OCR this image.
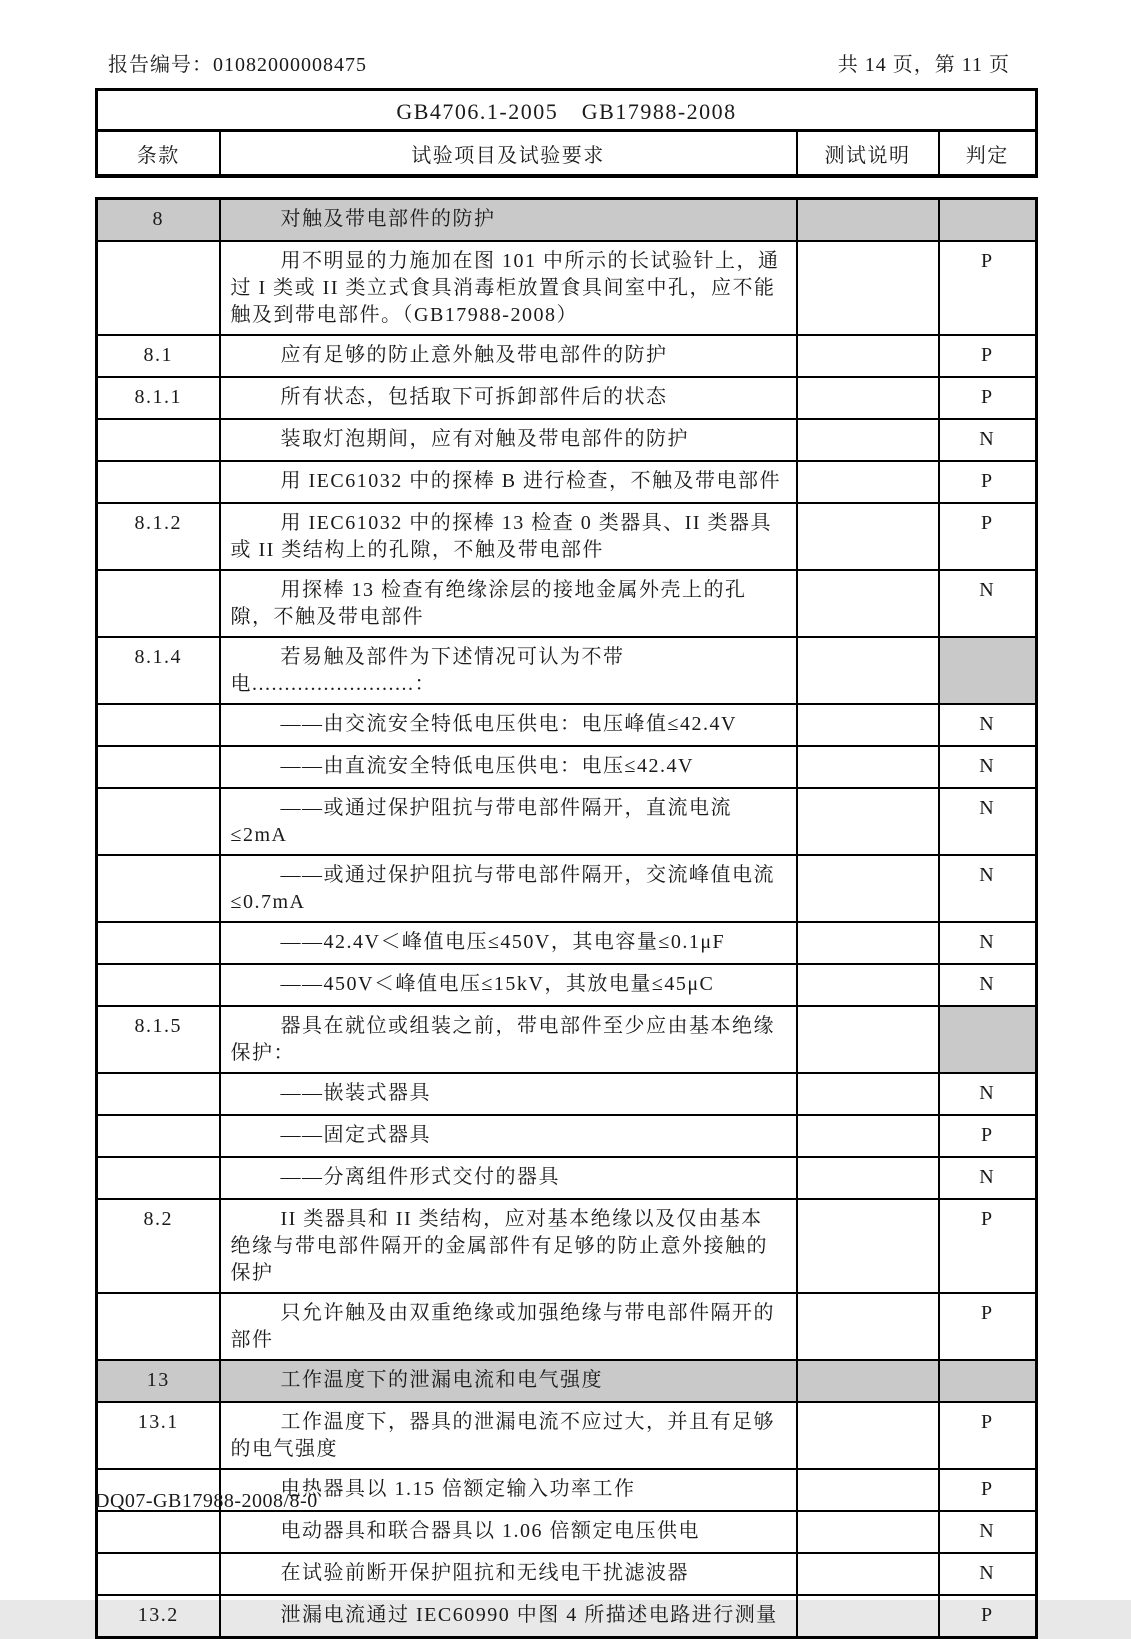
报告编号：01082000008475	共 14 页，第 11 页
GB4706.1-2005　GB17988-2008
条款	试验项目及试验要求	测试说明	判定
8	对触及带电部件的防护		
	用不明显的力施加在图 101 中所示的长试验针上，通过 I 类或 II 类立式食具消毒柜放置食具间室中孔，应不能触及到带电部件。（GB17988-2008）		P
8.1	应有足够的防止意外触及带电部件的防护		P
8.1.1	所有状态，包括取下可拆卸部件后的状态		P
	装取灯泡期间，应有对触及带电部件的防护		N
	用 IEC61032 中的探棒 B 进行检查，不触及带电部件		P
8.1.2	用 IEC61032 中的探棒 13 检查 0 类器具、II 类器具或 II 类结构上的孔隙，不触及带电部件		P
	用探棒 13 检查有绝缘涂层的接地金属外壳上的孔隙，不触及带电部件		N
8.1.4	若易触及部件为下述情况可认为不带电.........................：		
	——由交流安全特低电压供电：电压峰值≤42.4V		N
	——由直流安全特低电压供电：电压≤42.4V		N
	——或通过保护阻抗与带电部件隔开，直流电流≤2mA		N
	——或通过保护阻抗与带电部件隔开，交流峰值电流≤0.7mA		N
	——42.4V＜峰值电压≤450V，其电容量≤0.1μF		N
	——450V＜峰值电压≤15kV，其放电量≤45μC		N
8.1.5	器具在就位或组装之前，带电部件至少应由基本绝缘保护：		
	——嵌装式器具		N
	——固定式器具		P
	——分离组件形式交付的器具		N
8.2	II 类器具和 II 类结构，应对基本绝缘以及仅由基本绝缘与带电部件隔开的金属部件有足够的防止意外接触的保护		P
	只允许触及由双重绝缘或加强绝缘与带电部件隔开的部件		P
13	工作温度下的泄漏电流和电气强度		
13.1	工作温度下，器具的泄漏电流不应过大，并且有足够的电气强度		P
	电热器具以 1.15 倍额定输入功率工作		P
	电动器具和联合器具以 1.06 倍额定电压供电		N
	在试验前断开保护阻抗和无线电干扰滤波器		N
13.2	泄漏电流通过 IEC60990 中图 4 所描述电路进行测量		P
DQ07-GB17988-2008/8-0
